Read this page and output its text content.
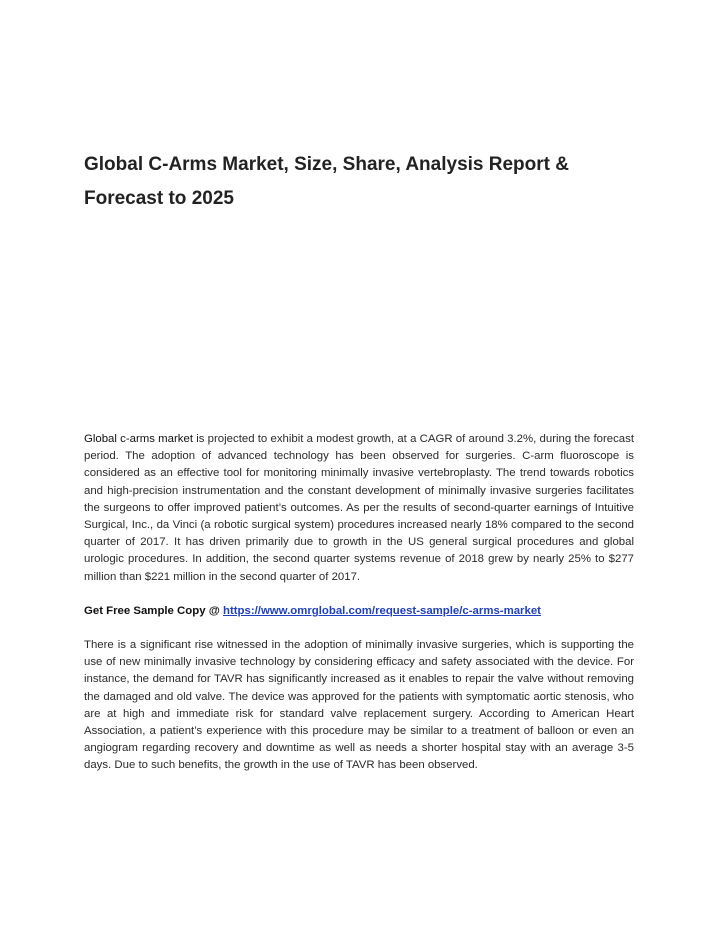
Global C-Arms Market, Size, Share, Analysis Report & Forecast to 2025

Global c-arms market is projected to exhibit a modest growth, at a CAGR of around 3.2%, during the forecast period. The adoption of advanced technology has been observed for surgeries. C-arm fluoroscope is considered as an effective tool for monitoring minimally invasive vertebroplasty. The trend towards robotics and high-precision instrumentation and the constant development of minimally invasive surgeries facilitates the surgeons to offer improved patient’s outcomes. As per the results of second-quarter earnings of Intuitive Surgical, Inc., da Vinci (a robotic surgical system) procedures increased nearly 18% compared to the second quarter of 2017. It has driven primarily due to growth in the US general surgical procedures and global urologic procedures. In addition, the second quarter systems revenue of 2018 grew by nearly 25% to $277 million than $221 million in the second quarter of 2017.

Get Free Sample Copy @ https://www.omrglobal.com/request-sample/c-arms-market

There is a significant rise witnessed in the adoption of minimally invasive surgeries, which is supporting the use of new minimally invasive technology by considering efficacy and safety associated with the device. For instance, the demand for TAVR has significantly increased as it enables to repair the valve without removing the damaged and old valve. The device was approved for the patients with symptomatic aortic stenosis, who are at high and immediate risk for standard valve replacement surgery. According to American Heart Association, a patient’s experience with this procedure may be similar to a treatment of balloon or even an angiogram regarding recovery and downtime as well as needs a shorter hospital stay with an average 3-5 days. Due to such benefits, the growth in the use of TAVR has been observed.
